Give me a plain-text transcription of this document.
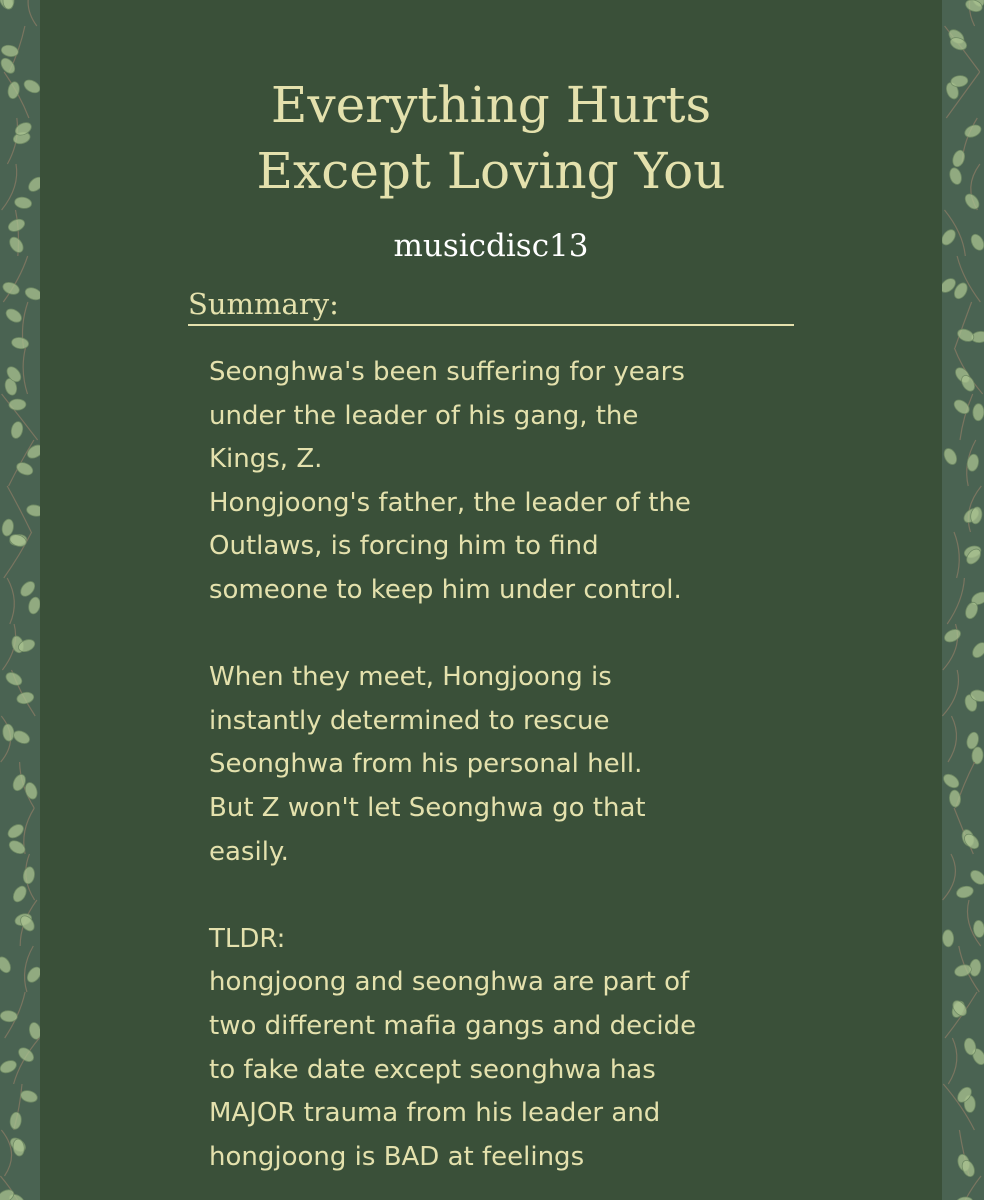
Everything Hurts
Except Loving You
musicdisc13
Summary:
Seonghwa's been suffering for years
under the leader of his gang, the
Kings, Z.
Hongjoong's father, the leader of the
Outlaws, is forcing him to find
someone to keep him under control.
When they meet, Hongjoong is
instantly determined to rescue
Seonghwa from his personal hell.
But Z won't let Seonghwa go that
easily.
TLDR:
hongjoong and seonghwa are part of
two different mafia gangs and decide
to fake date except seonghwa has
MAJOR trauma from his leader and
hongjoong is BAD at feelings
